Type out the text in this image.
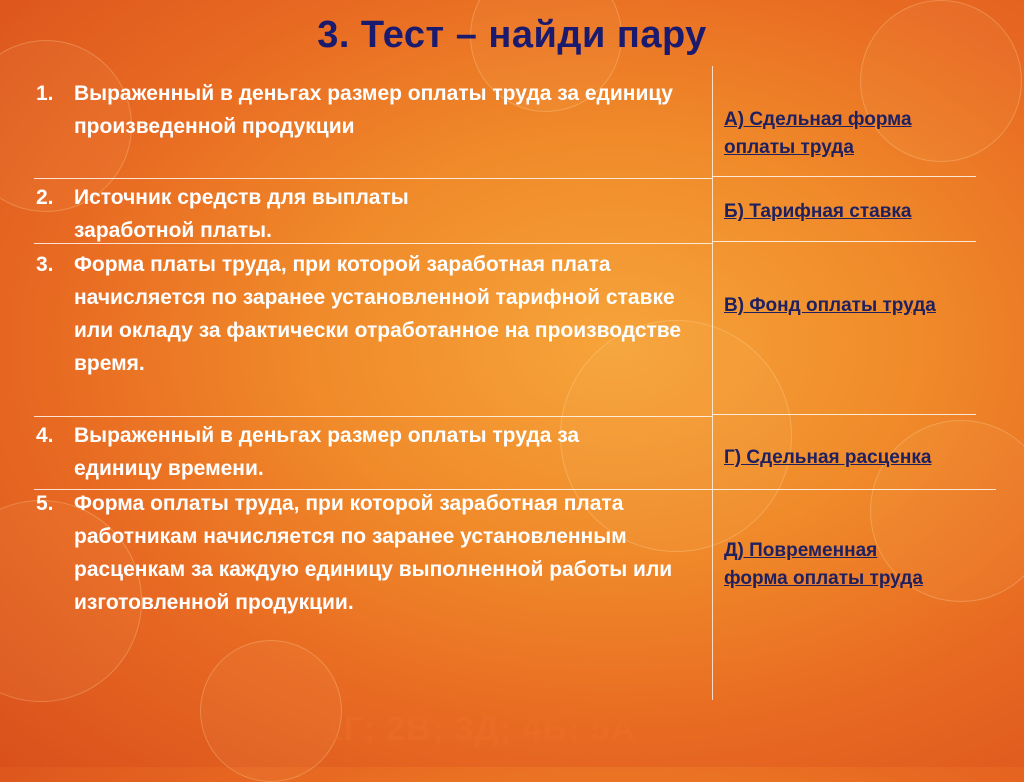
3. Тест – найди пару
1. Выраженный в деньгах размер оплаты труда за единицу произведенной продукции
2. Источник средств для выплаты заработной платы.
3. Форма платы труда, при которой заработная плата начисляется по заранее установленной тарифной ставке или окладу за фактически отработанное на производстве время.
4. Выраженный в деньгах размер оплаты труда за единицу времени.
5. Форма оплаты труда, при которой заработная плата работникам начисляется по заранее установленным расценкам за каждую единицу выполненной работы или изготовленной продукции.
А) Сдельная форма оплаты труда
Б) Тарифная ставка
В) Фонд оплаты труда
Г) Сдельная расценка
Д) Повременная форма оплаты труда
1Г; 2В; 3Д; 4Б; 5А
